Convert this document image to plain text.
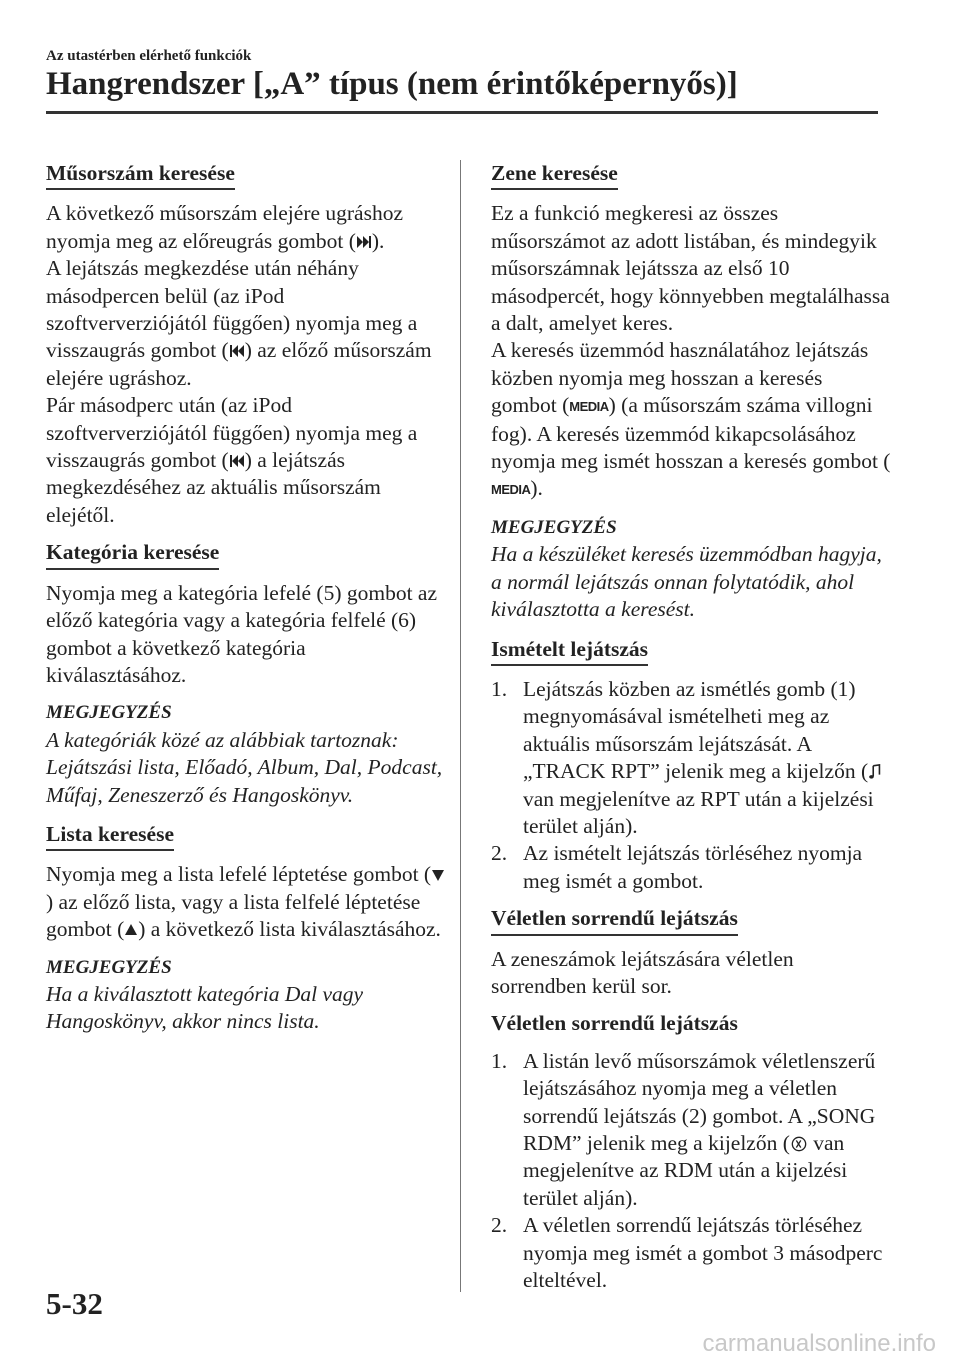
Az utastérben elérhető funkciók
Hangrendszer [„A” típus (nem érintőképernyős)]
Műsorszám keresése

A következő műsorszám elejére ugráshoz nyomja meg az előreugrás gombot ( ).
A lejátszás megkezdése után néhány másodpercen belül (az iPod szoftververziójától függően) nyomja meg a visszaugrás gombot ( ) az előző műsorszám elejére ugráshoz.
Pár másodperc után (az iPod szoftververziójától függően) nyomja meg a visszaugrás gombot ( ) a lejátszás megkezdéséhez az aktuális műsorszám elejétől.

Kategória keresése

Nyomja meg a kategória lefelé (5) gombot az előző kategória vagy a kategória felfelé (6) gombot a következő kategória kiválasztásához.

MEGJEGYZÉS
A kategóriák közé az alábbiak tartoznak: Lejátszási lista, Előadó, Album, Dal, Podcast, Műfaj, Zeneszerző és Hangoskönyv.
Lista keresése

Nyomja meg a lista lefelé léptetése gombot () az előző lista, vagy a lista felfelé léptetése gombot ( ) a következő lista kiválasztásához.

MEGJEGYZÉS
Ha a kiválasztott kategória Dal vagy Hangoskönyv, akkor nincs lista.
Zene keresése

Ez a funkció megkeresi az összes műsorszámot az adott listában, és mindegyik műsorszámnak lejátssza az első 10 másodpercét, hogy könnyebben megtalálhassa a dalt, amelyet keres.
A keresés üzemmód használatához lejátszás közben nyomja meg hosszan a keresés gombot (MEDIA) (a műsorszám száma villogni fog). A keresés üzemmód kikapcsolásához nyomja meg ismét hosszan a keresés gombot (MEDIA).

MEGJEGYZÉS
Ha a készüléket keresés üzemmódban hagyja, a normál lejátszás onnan folytatódik, ahol kiválasztotta a keresést.
Ismételt lejátszás
1. Lejátszás közben az ismétlés gomb (1) megnyomásával ismételheti meg az aktuális műsorszám lejátszását. A „TRACK RPT” jelenik meg a kijelzőn ( van megjelenítve az RPT után a kijelzési terület alján).
2. Az ismételt lejátszás törléséhez nyomja meg ismét a gombot.
Véletlen sorrendű lejátszás

A zeneszámok lejátszására véletlen sorrendben kerül sor.

Véletlen sorrendű lejátszás
1. A listán levő műsorszámok véletlenszerű lejátszásához nyomja meg a véletlen sorrendű lejátszás (2) gombot. A „SONG RDM” jelenik meg a kijelzőn ( van megjelenítve az RDM után a kijelzési terület alján).
2. A véletlen sorrendű lejátszás törléséhez nyomja meg ismét a gombot 3 másodperc elteltével.
5-32
carmanualsonline.info
